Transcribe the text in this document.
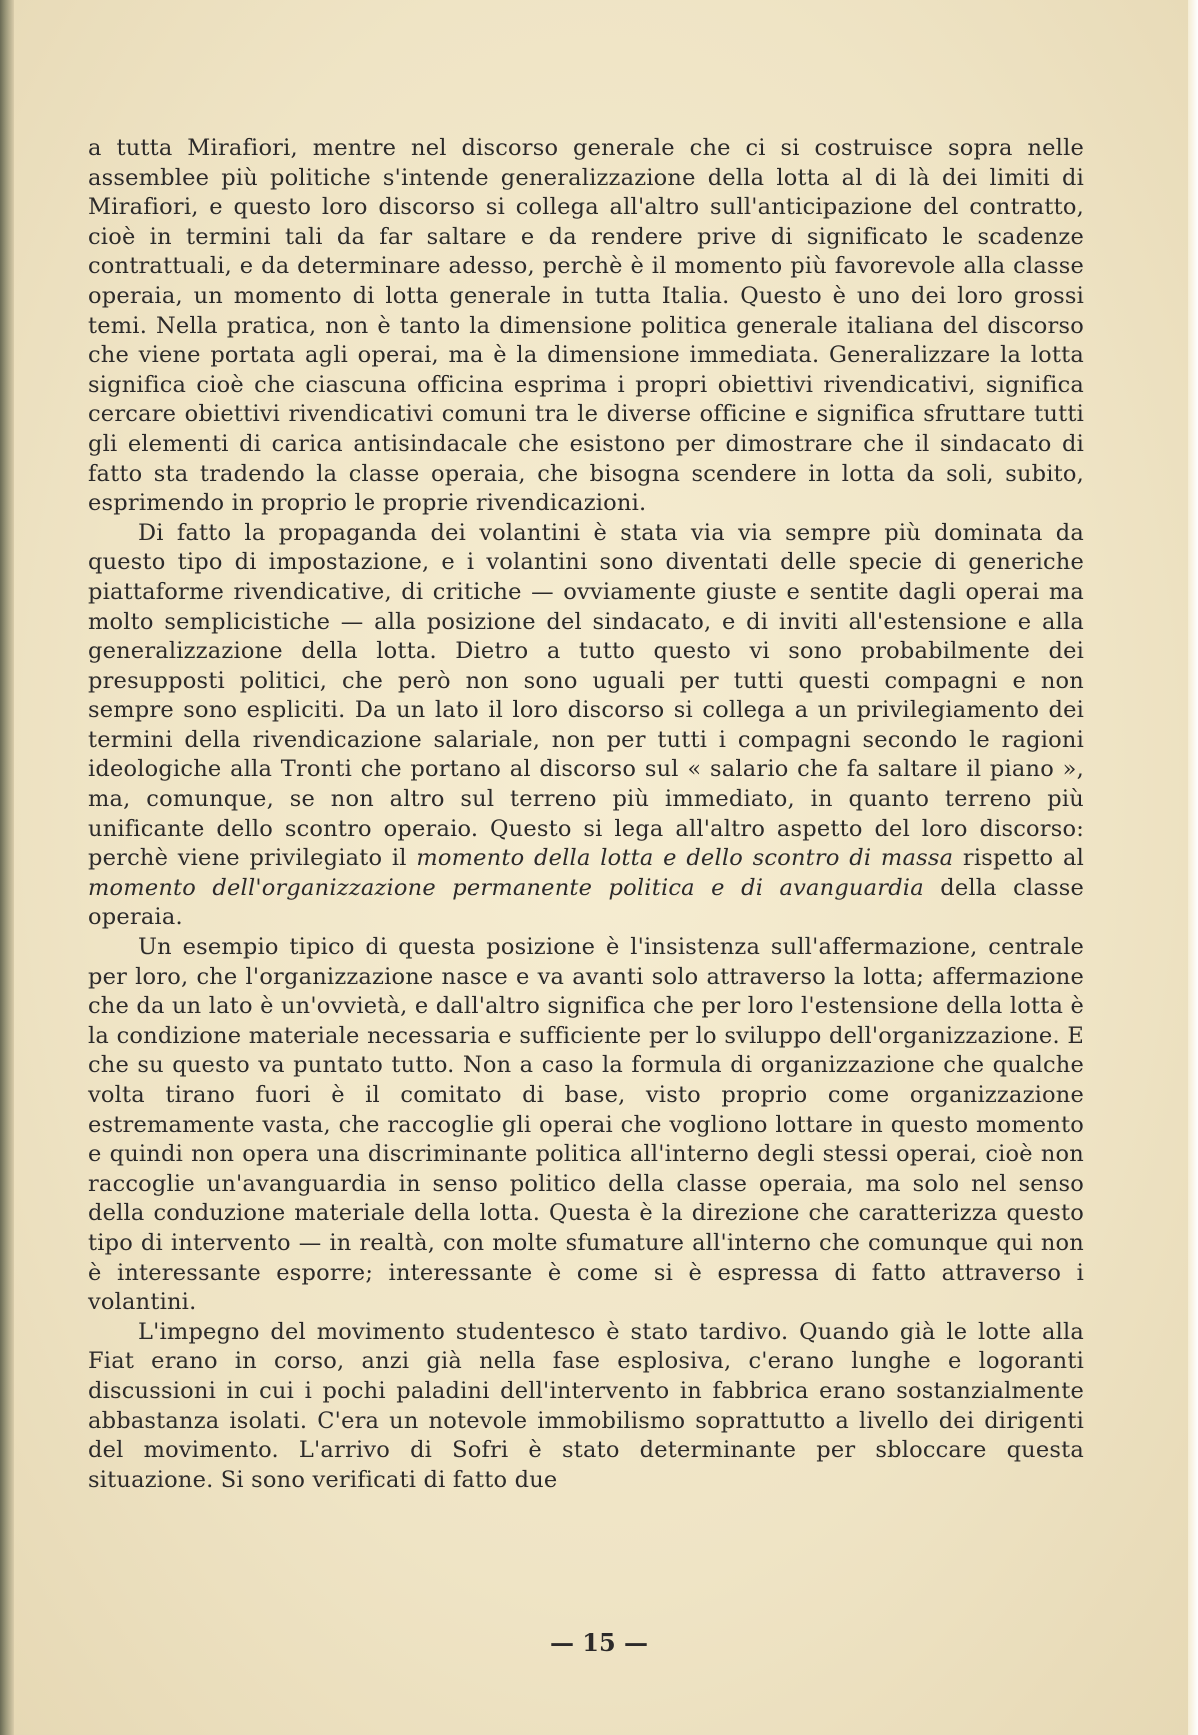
a tutta Mirafiori, mentre nel discorso generale che ci si costruisce sopra nelle assemblee più politiche s'intende generalizzazione della lotta al di là dei limiti di Mirafiori, e questo loro discorso si collega all'altro sull'anticipazione del contratto, cioè in termini tali da far saltare e da rendere prive di significato le scadenze contrattuali, e da determinare adesso, perchè è il momento più favorevole alla classe operaia, un momento di lotta generale in tutta Italia. Questo è uno dei loro grossi temi. Nella pratica, non è tanto la dimensione politica generale italiana del discorso che viene portata agli operai, ma è la dimensione immediata. Generalizzare la lotta significa cioè che ciascuna officina esprima i propri obiettivi rivendicativi, significa cercare obiettivi rivendicativi comuni tra le diverse officine e significa sfruttare tutti gli elementi di carica antisindacale che esistono per dimostrare che il sindacato di fatto sta tradendo la classe operaia, che bisogna scendere in lotta da soli, subito, esprimendo in proprio le proprie rivendicazioni.

Di fatto la propaganda dei volantini è stata via via sempre più dominata da questo tipo di impostazione, e i volantini sono diventati delle specie di generiche piattaforme rivendicative, di critiche — ovviamente giuste e sentite dagli operai ma molto semplicistiche — alla posizione del sindacato, e di inviti all'estensione e alla generalizzazione della lotta. Dietro a tutto questo vi sono probabilmente dei presupposti politici, che però non sono uguali per tutti questi compagni e non sempre sono espliciti. Da un lato il loro discorso si collega a un privilegiamento dei termini della rivendicazione salariale, non per tutti i compagni secondo le ragioni ideologiche alla Tronti che portano al discorso sul « salario che fa saltare il piano », ma, comunque, se non altro sul terreno più immediato, in quanto terreno più unificante dello scontro operaio. Questo si lega all'altro aspetto del loro discorso: perchè viene privilegiato il momento della lotta e dello scontro di massa rispetto al momento dell'organizzazione permanente politica e di avanguardia della classe operaia.

Un esempio tipico di questa posizione è l'insistenza sull'affermazione, centrale per loro, che l'organizzazione nasce e va avanti solo attraverso la lotta; affermazione che da un lato è un'ovvietà, e dall'altro significa che per loro l'estensione della lotta è la condizione materiale necessaria e sufficiente per lo sviluppo dell'organizzazione. E che su questo va puntato tutto. Non a caso la formula di organizzazione che qualche volta tirano fuori è il comitato di base, visto proprio come organizzazione estremamente vasta, che raccoglie gli operai che vogliono lottare in questo momento e quindi non opera una discriminante politica all'interno degli stessi operai, cioè non raccoglie un'avanguardia in senso politico della classe operaia, ma solo nel senso della conduzione materiale della lotta. Questa è la direzione che caratterizza questo tipo di intervento — in realtà, con molte sfumature all'interno che comunque qui non è interessante esporre; interessante è come si è espressa di fatto attraverso i volantini.

L'impegno del movimento studentesco è stato tardivo. Quando già le lotte alla Fiat erano in corso, anzi già nella fase esplosiva, c'erano lunghe e logoranti discussioni in cui i pochi paladini dell'intervento in fabbrica erano sostanzialmente abbastanza isolati. C'era un notevole immobilismo soprattutto a livello dei dirigenti del movimento. L'arrivo di Sofri è stato determinante per sbloccare questa situazione. Si sono verificati di fatto due

— 15 —
